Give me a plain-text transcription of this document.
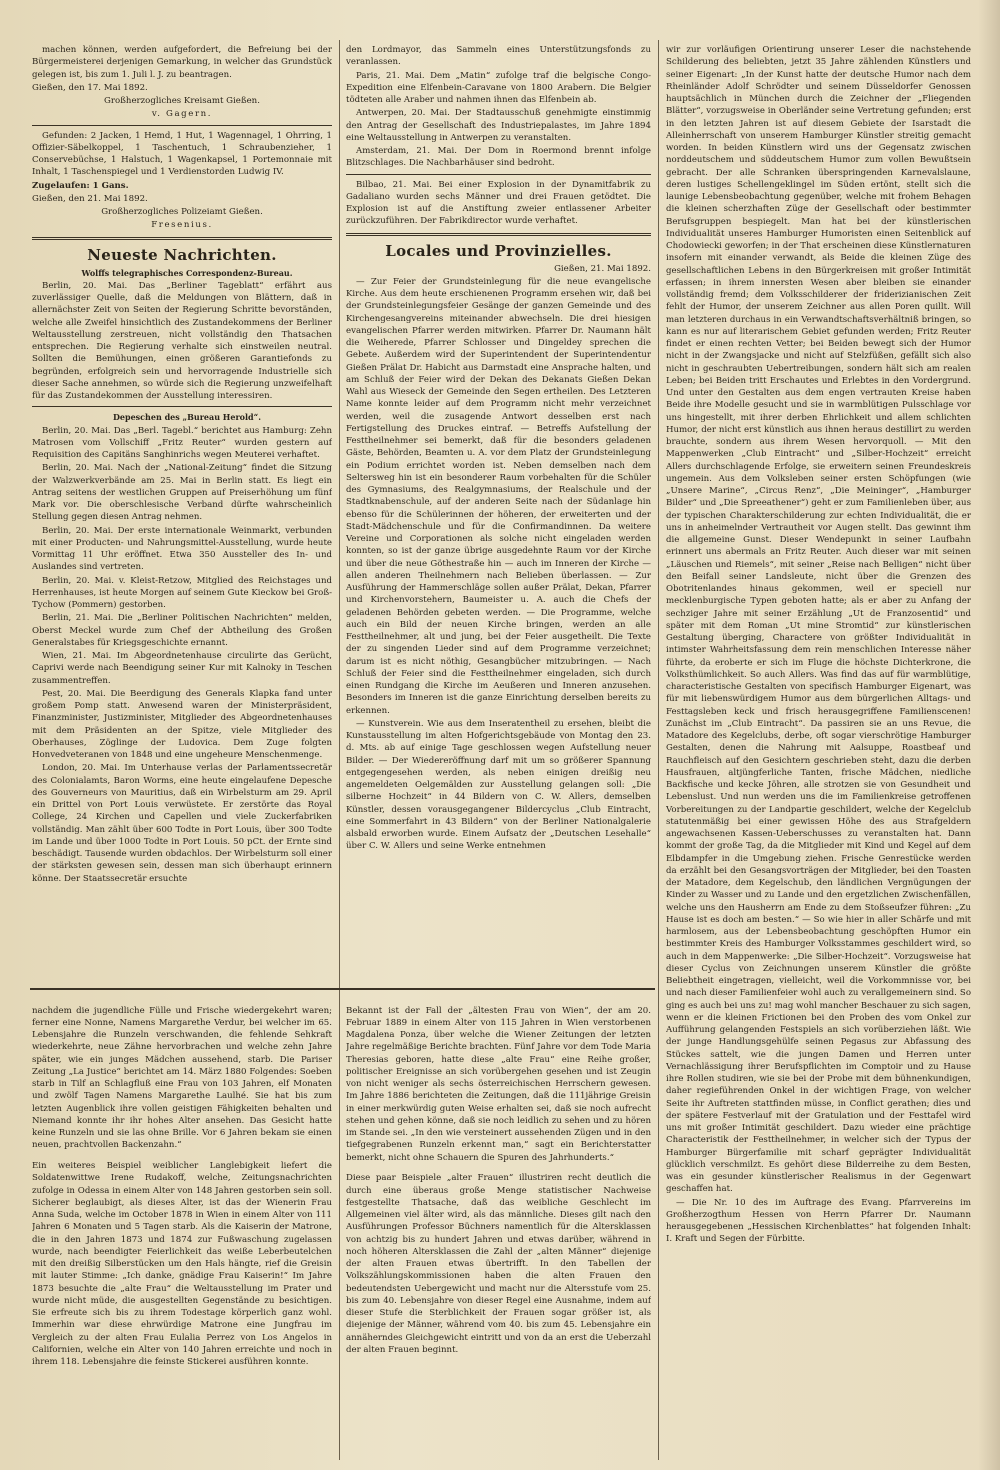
machen können, werden aufgefordert, die Befreiung bei der Bürgermeisterei derjenigen Gemarkung, in welcher das Grundstück gelegen ist, bis zum 1. Juli l. J. zu beantragen.

Gießen, den 17. Mai 1892.

Großherzogliches Kreisamt Gießen.

v. Gagern.

Gefunden: 2 Jacken, 1 Hemd, 1 Hut, 1 Wagennagel, 1 Ohrring, 1 Offizier-Säbelkoppel, 1 Taschentuch, 1 Schraubenzieher, 1 Conservebüchse, 1 Halstuch, 1 Wagenkapsel, 1 Portemonnaie mit Inhalt, 1 Taschenspiegel und 1 Verdienstorden Ludwig IV.

Zugelaufen: 1 Gans.

Gießen, den 21. Mai 1892.

Großherzogliches Polizeiamt Gießen.

Fresenius.

Neueste Nachrichten.

Wolffs telegraphisches Correspondenz-Bureau.

Berlin, 20. Mai. Das „Berliner Tageblatt“ erfährt aus zuverlässiger Quelle, daß die Meldungen von Blättern, daß in allernächster Zeit von Seiten der Regierung Schritte bevorständen, welche alle Zweifel hinsichtlich des Zustandekommens der Berliner Weltausstellung zerstreuen, nicht vollständig den Thatsachen entsprechen. Die Regierung verhalte sich einstweilen neutral. Sollten die Bemühungen, einen größeren Garantiefonds zu begründen, erfolgreich sein und hervorragende Industrielle sich dieser Sache annehmen, so würde sich die Regierung unzweifelhaft für das Zustandekommen der Ausstellung interessiren.

Depeschen des „Bureau Herold“.

Berlin, 20. Mai. Das „Berl. Tagebl.“ berichtet aus Hamburg: Zehn Matrosen vom Vollschiff „Fritz Reuter“ wurden gestern auf Requisition des Capitäns Sanghinrichs wegen Meuterei verhaftet.

Berlin, 20. Mai. Nach der „National-Zeitung“ findet die Sitzung der Walzwerkverbände am 25. Mai in Berlin statt. Es liegt ein Antrag seitens der westlichen Gruppen auf Preiserhöhung um fünf Mark vor. Die oberschlesische Verband dürfte wahrscheinlich Stellung gegen diesen Antrag nehmen.

Berlin, 20. Mai. Der erste internationale Weinmarkt, verbunden mit einer Producten- und Nahrungsmittel-Ausstellung, wurde heute Vormittag 11 Uhr eröffnet. Etwa 350 Aussteller des In- und Auslandes sind vertreten.

Berlin, 20. Mai. v. Kleist-Retzow, Mitglied des Reichstages und Herrenhauses, ist heute Morgen auf seinem Gute Kieckow bei Groß-Tychow (Pommern) gestorben.

Berlin, 21. Mai. Die „Berliner Politischen Nachrichten“ melden, Oberst Meckel wurde zum Chef der Abtheilung des Großen Generalstabes für Kriegsgeschichte ernannt.

Wien, 21. Mai. Im Abgeordnetenhause circulirte das Gerücht, Caprivi werde nach Beendigung seiner Kur mit Kalnoky in Teschen zusammentreffen.

Pest, 20. Mai. Die Beerdigung des Generals Klapka fand unter großem Pomp statt. Anwesend waren der Ministerpräsident, Finanzminister, Justizminister, Mitglieder des Abgeordnetenhauses mit dem Präsidenten an der Spitze, viele Mitglieder des Oberhauses, Zöglinge der Ludovica. Dem Zuge folgten Honvedveteranen von 1848 und eine ungeheure Menschenmenge.

London, 20. Mai. Im Unterhause verlas der Parlamentssecretär des Colonialamts, Baron Worms, eine heute eingelaufene Depesche des Gouverneurs von Mauritius, daß ein Wirbelsturm am 29. April ein Drittel von Port Louis verwüstete. Er zerstörte das Royal College, 24 Kirchen und Capellen und viele Zuckerfabriken vollständig. Man zählt über 600 Todte in Port Louis, über 300 Todte im Lande und über 1000 Todte in Port Louis. 50 pCt. der Ernte sind beschädigt. Tausende wurden obdachlos. Der Wirbelsturm soll einer der stärksten gewesen sein, dessen man sich überhaupt erinnern könne. Der Staatssecretär ersuchte

den Lordmayor, das Sammeln eines Unterstützungsfonds zu veranlassen.

Paris, 21. Mai. Dem „Matin“ zufolge traf die belgische Congo-Expedition eine Elfenbein-Caravane von 1800 Arabern. Die Belgier tödteten alle Araber und nahmen ihnen das Elfenbein ab.

Antwerpen, 20. Mai. Der Stadtausschuß genehmigte einstimmig den Antrag der Gesellschaft des Industriepalastes, im Jahre 1894 eine Weltausstellung in Antwerpen zu veranstalten.

Amsterdam, 21. Mai. Der Dom in Roermond brennt infolge Blitzschlages. Die Nachbarhäuser sind bedroht.

Bilbao, 21. Mai. Bei einer Explosion in der Dynamitfabrik zu Gadaliano wurden sechs Männer und drei Frauen getödtet. Die Explosion ist auf die Anstiftung zweier entlassener Arbeiter zurückzuführen. Der Fabrikdirector wurde verhaftet.

Locales und Provinzielles.

Gießen, 21. Mai 1892.

— Zur Feier der Grundsteinlegung für die neue evangelische Kirche. Aus dem heute erschienenen Programm ersehen wir, daß bei der Grundsteinlegungsfeier Gesänge der ganzen Gemeinde und des Kirchengesangvereins miteinander abwechseln. Die drei hiesigen evangelischen Pfarrer werden mitwirken. Pfarrer Dr. Naumann hält die Weiherede, Pfarrer Schlosser und Dingeldey sprechen die Gebete. Außerdem wird der Superintendent der Superintendentur Gießen Prälat Dr. Habicht aus Darmstadt eine Ansprache halten, und am Schluß der Feier wird der Dekan des Dekanats Gießen Dekan Wahl aus Wieseck der Gemeinde den Segen ertheilen. Des Letzteren Name konnte leider auf dem Programm nicht mehr verzeichnet werden, weil die zusagende Antwort desselben erst nach Fertigstellung des Druckes eintraf. — Betreffs Aufstellung der Festtheilnehmer sei bemerkt, daß für die besonders geladenen Gäste, Behörden, Beamten u. A. vor dem Platz der Grundsteinlegung ein Podium errichtet worden ist. Neben demselben nach dem Seltersweg hin ist ein besonderer Raum vorbehalten für die Schüler des Gymnasiums, des Realgymnasiums, der Realschule und der Stadtknabenschule, auf der anderen Seite nach der Südanlage hin ebenso für die Schülerinnen der höheren, der erweiterten und der Stadt-Mädchenschule und für die Confirmandinnen. Da weitere Vereine und Corporationen als solche nicht eingeladen werden konnten, so ist der ganze übrige ausgedehnte Raum vor der Kirche und über die neue Göthestraße hin — auch im Inneren der Kirche — allen anderen Theilnehmern nach Belieben überlassen. — Zur Ausführung der Hammerschläge sollen außer Prälat, Dekan, Pfarrer und Kirchenvorstehern, Baumeister u. A. auch die Chefs der geladenen Behörden gebeten werden. — Die Programme, welche auch ein Bild der neuen Kirche bringen, werden an alle Festtheilnehmer, alt und jung, bei der Feier ausgetheilt. Die Texte der zu singenden Lieder sind auf dem Programme verzeichnet; darum ist es nicht nöthig, Gesangbücher mitzubringen. — Nach Schluß der Feier sind die Festtheilnehmer eingeladen, sich durch einen Rundgang die Kirche im Aeußeren und Inneren anzusehen. Besonders im Inneren ist die ganze Einrichtung derselben bereits zu erkennen.

— Kunstverein. Wie aus dem Inseratentheil zu ersehen, bleibt die Kunstausstellung im alten Hofgerichtsgebäude von Montag den 23. d. Mts. ab auf einige Tage geschlossen wegen Aufstellung neuer Bilder. — Der Wiedereröffnung darf mit um so größerer Spannung entgegengesehen werden, als neben einigen dreißig neu angemeldeten Oelgemälden zur Ausstellung gelangen soll: „Die silberne Hochzeit“ in 44 Bildern von C. W. Allers, demselben Künstler, dessen vorausgegangener Bildercyclus „Club Eintracht, eine Sommerfahrt in 43 Bildern“ von der Berliner Nationalgalerie alsbald erworben wurde. Einem Aufsatz der „Deutschen Lesehalle“ über C. W. Allers und seine Werke entnehmen

wir zur vorläufigen Orientirung unserer Leser die nachstehende Schilderung des beliebten, jetzt 35 Jahre zählenden Künstlers und seiner Eigenart: „In der Kunst hatte der deutsche Humor nach dem Rheinländer Adolf Schrödter und seinem Düsseldorfer Genossen hauptsächlich in München durch die Zeichner der „Fliegenden Blätter“, vorzugsweise in Oberländer seine Vertretung gefunden; erst in den letzten Jahren ist auf diesem Gebiete der Isarstadt die Alleinherrschaft von unserem Hamburger Künstler streitig gemacht worden. In beiden Künstlern wird uns der Gegensatz zwischen norddeutschem und süddeutschem Humor zum vollen Bewußtsein gebracht. Der alle Schranken überspringenden Karnevalslaune, deren lustiges Schellengeklingel im Süden ertönt, stellt sich die launige Lebensbeobachtung gegenüber, welche mit frohem Behagen die kleinen scherzhaften Züge der Gesellschaft oder bestimmter Berufsgruppen bespiegelt. Man hat bei der künstlerischen Individualität unseres Hamburger Humoristen einen Seitenblick auf Chodowiecki geworfen; in der That erscheinen diese Künstlernaturen insofern mit einander verwandt, als Beide die kleinen Züge des gesellschaftlichen Lebens in den Bürgerkreisen mit großer Intimität erfassen; in ihrem innersten Wesen aber bleiben sie einander vollständig fremd; dem Volksschilderer der friderizianischen Zeit fehlt der Humor, der unserem Zeichner aus allen Poren quillt. Will man letzteren durchaus in ein Verwandtschaftsverhältniß bringen, so kann es nur auf literarischem Gebiet gefunden werden; Fritz Reuter findet er einen rechten Vetter; bei Beiden bewegt sich der Humor nicht in der Zwangsjacke und nicht auf Stelzfüßen, gefällt sich also nicht in geschraubten Uebertreibungen, sondern hält sich am realen Leben; bei Beiden tritt Erschautes und Erlebtes in den Vordergrund. Und unter den Gestalten aus dem engen vertrauten Kreise haben Beide ihre Modelle gesucht und sie in warmblütigen Pulsschlage vor uns hingestellt, mit ihrer derben Ehrlichkeit und allem schlichten Humor, der nicht erst künstlich aus ihnen heraus destillirt zu werden brauchte, sondern aus ihrem Wesen hervorquoll. — Mit den Mappenwerken „Club Eintracht“ und „Silber-Hochzeit“ erreicht Allers durchschlagende Erfolge, sie erweitern seinen Freundeskreis ungemein. Aus dem Volksleben seiner ersten Schöpfungen (wie „Unsere Marine“, „Circus Renz“, „Die Meininger“, „Hamburger Bilder“ und „Die Spreeathener“) geht er zum Familienleben über, aus der typischen Charakterschilderung zur echten Individualität, die er uns in anheimelnder Vertrautheit vor Augen stellt. Das gewinnt ihm die allgemeine Gunst. Dieser Wendepunkt in seiner Laufbahn erinnert uns abermals an Fritz Reuter. Auch dieser war mit seinen „Läuschen und Riemels“, mit seiner „Reise nach Belligen“ nicht über den Beifall seiner Landsleute, nicht über die Grenzen des Obotritenlandes hinaus gekommen, weil er speciell nur mecklenburgische Typen geboten hatte; als er aber zu Anfang der sechziger Jahre mit seiner Erzählung „Ut de Franzosentid“ und später mit dem Roman „Ut mine Stromtid“ zur künstlerischen Gestaltung überging, Charactere von größter Individualität in intimster Wahrheitsfassung dem rein menschlichen Interesse näher führte, da eroberte er sich im Fluge die höchste Dichterkrone, die Volksthümlichkeit. So auch Allers. Was find das auf für warmblütige, characteristische Gestalten von specifisch Hamburger Eigenart, was für mit liebenswürdigem Humor aus dem bürgerlichen Alltags- und Festtagsleben keck und frisch herausgegriffene Familienscenen! Zunächst im „Club Eintracht“. Da passiren sie an uns Revue, die Matadore des Kegelclubs, derbe, oft sogar vierschrötige Hamburger Gestalten, denen die Nahrung mit Aalsuppe, Roastbeaf und Rauchfleisch auf den Gesichtern geschrieben steht, dazu die derben Hausfrauen, altjüngferliche Tanten, frische Mädchen, niedliche Backfische und kecke Jöhren, alle strotzen sie von Gesundheit und Lebenslust. Und nun werden uns die im Familienkreise getroffenen Vorbereitungen zu der Landpartie geschildert, welche der Kegelclub statutenmäßig bei einer gewissen Höhe des aus Strafgeldern angewachsenen Kassen-Ueberschusses zu veranstalten hat. Dann kommt der große Tag, da die Mitglieder mit Kind und Kegel auf dem Elbdampfer in die Umgebung ziehen. Frische Genrestücke werden da erzählt bei den Gesangsvorträgen der Mitglieder, bei den Toasten der Matadore, dem Kegelschub, den ländlichen Vergnügungen der Kinder zu Wasser und zu Lande und den ergetzlichen Zwischenfällen, welche uns den Hausherrn am Ende zu dem Stoßseufzer führen: „Zu Hause ist es doch am besten.“ — So wie hier in aller Schärfe und mit harmlosem, aus der Lebensbeobachtung geschöpften Humor ein bestimmter Kreis des Hamburger Volksstammes geschildert wird, so auch in dem Mappenwerke: „Die Silber-Hochzeit“. Vorzugsweise hat dieser Cyclus von Zeichnungen unserem Künstler die größte Beliebtheit eingetragen, vielleicht, weil die Vorkommnisse vor, bei und nach dieser Familienfeier wohl auch zu verallgemeinern sind. So ging es auch bei uns zu! mag wohl mancher Beschauer zu sich sagen, wenn er die kleinen Frictionen bei den Proben des vom Onkel zur Aufführung gelangenden Festspiels an sich vorüberziehen läßt. Wie der junge Handlungsgehülfe seinen Pegasus zur Abfassung des Stückes sattelt, wie die jungen Damen und Herren unter Vernachlässigung ihrer Berufspflichten im Comptoir und zu Hause ihre Rollen studiren, wie sie bei der Probe mit dem bühnenkundigen, daher regieführenden Onkel in der wichtigen Frage, von welcher Seite ihr Auftreten stattfinden müsse, in Conflict gerathen; dies und der spätere Festverlauf mit der Gratulation und der Festtafel wird uns mit großer Intimität geschildert. Dazu wieder eine prächtige Characteristik der Festtheilnehmer, in welcher sich der Typus der Hamburger Bürgerfamilie mit scharf geprägter Individualität glücklich verschmilzt. Es gehört diese Bilderreihe zu dem Besten, was ein gesunder künstlerischer Realismus in der Gegenwart geschaffen hat.

— Die Nr. 10 des im Auftrage des Evang. Pfarrvereins im Großherzogthum Hessen von Herrn Pfarrer Dr. Naumann herausgegebenen „Hessischen Kirchenblattes“ hat folgenden Inhalt: I. Kraft und Segen der Fürbitte.

nachdem die jugendliche Fülle und Frische wiedergekehrt waren; ferner eine Nonne, Namens Margarethe Verdur, bei welcher im 65. Lebensjahre die Runzeln verschwanden, die fehlende Sehkraft wiederkehrte, neue Zähne hervorbrachen und welche zehn Jahre später, wie ein junges Mädchen aussehend, starb. Die Pariser Zeitung „La Justice“ berichtet am 14. März 1880 Folgendes: Soeben starb in Tilf an Schlagfluß eine Frau von 103 Jahren, elf Monaten und zwölf Tagen Namens Margarethe Laulhé. Sie hat bis zum letzten Augenblick ihre vollen geistigen Fähigkeiten behalten und Niemand konnte ihr ihr hohes Alter ansehen. Das Gesicht hatte keine Runzeln und sie las ohne Brille. Vor 6 Jahren bekam sie einen neuen, prachtvollen Backenzahn.“

Ein weiteres Beispiel weiblicher Langlebigkeit liefert die Soldatenwittwe Irene Rudakoff, welche, Zeitungsnachrichten zufolge in Odessa in einem Alter von 148 Jahren gestorben sein soll. Sicherer beglaubigt, als dieses Alter, ist das der Wienerin Frau Anna Suda, welche im October 1878 in Wien in einem Alter von 111 Jahren 6 Monaten und 5 Tagen starb. Als die Kaiserin der Matrone, die in den Jahren 1873 und 1874 zur Fußwaschung zugelassen wurde, nach beendigter Feierlichkeit das weiße Leberbeutelchen mit den dreißig Silberstücken um den Hals hängte, rief die Greisin mit lauter Stimme: „Ich danke, gnädige Frau Kaiserin!“ Im Jahre 1873 besuchte die „alte Frau“ die Weltausstellung im Prater und wurde nicht müde, die ausgestellten Gegenstände zu besichtigen. Sie erfreute sich bis zu ihrem Todestage körperlich ganz wohl. Immerhin war diese ehrwürdige Matrone eine Jungfrau im Vergleich zu der alten Frau Eulalia Perrez von Los Angelos in Californien, welche ein Alter von 140 Jahren erreichte und noch in ihrem 118. Lebensjahre die feinste Stickerei ausführen konnte.

Bekannt ist der Fall der „ältesten Frau von Wien“, der am 20. Februar 1889 in einem Alter von 115 Jahren in Wien verstorbenen Magdalena Ponza, über welche die Wiener Zeitungen der letzten Jahre regelmäßige Berichte brachten. Fünf Jahre vor dem Tode Maria Theresias geboren, hatte diese „alte Frau“ eine Reihe großer, politischer Ereignisse an sich vorübergehen gesehen und ist Zeugin von nicht weniger als sechs österreichischen Herrschern gewesen. Im Jahre 1886 berichteten die Zeitungen, daß die 111jährige Greisin in einer merkwürdig guten Weise erhalten sei, daß sie noch aufrecht stehen und gehen könne, daß sie noch leidlich zu sehen und zu hören im Stande sei. „In den wie versteinert aussehenden Zügen und in den tiefgegrabenen Runzeln erkennt man,“ sagt ein Berichterstatter bemerkt, nicht ohne Schauern die Spuren des Jahrhunderts.“

Diese paar Beispiele „alter Frauen“ illustriren recht deutlich die durch eine überaus große Menge statistischer Nachweise festgestellte Thatsache, daß das weibliche Geschlecht im Allgemeinen viel älter wird, als das männliche. Dieses gilt nach den Ausführungen Professor Büchners namentlich für die Altersklassen von achtzig bis zu hundert Jahren und etwas darüber, während in noch höheren Altersklassen die Zahl der „alten Männer“ diejenige der alten Frauen etwas übertrifft. In den Tabellen der Volkszählungskommissionen haben die alten Frauen den bedeutendsten Uebergewicht und macht nur die Altersstufe vom 25. bis zum 40. Lebensjahre von dieser Regel eine Ausnahme, indem auf dieser Stufe die Sterblichkeit der Frauen sogar größer ist, als diejenige der Männer, während vom 40. bis zum 45. Lebensjahre ein annäherndes Gleichgewicht eintritt und von da an erst die Ueberzahl der alten Frauen beginnt.
